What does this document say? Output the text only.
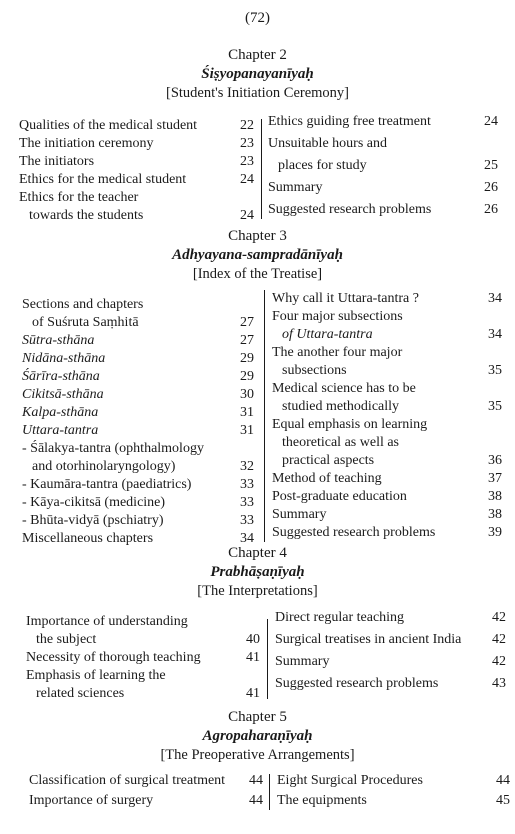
(72)
Chapter 2
Śiṣyopanayanīyaḥ
[Student's Initiation Ceremony]
Qualities of the medical student	22
The initiation ceremony	23
The initiators	23
Ethics for the medical student	24
Ethics for the teacher
towards the students	24
Ethics guiding free treatment	24
Unsuitable hours and
places for study	25
Summary	26
Suggested research problems	26
Chapter 3
Adhyayana-sampradānīyaḥ
[Index of the Treatise]
Sections and chapters
of Suśruta Saṃhitā	27
Sūtra-sthāna	27
Nidāna-sthāna	29
Śārīra-sthāna	29
Cikitsā-sthāna	30
Kalpa-sthāna	31
Uttara-tantra	31
- Śālakya-tantra (ophthalmology
and otorhinolaryngology)	32
- Kaumāra-tantra (paediatrics)	33
- Kāya-cikitsā (medicine)	33
- Bhūta-vidyā (pschiatry)	33
Miscellaneous chapters	34
Why call it Uttara-tantra ?	34
Four major subsections
of Uttara-tantra	34
The another four major
subsections	35
Medical science has to be
studied methodically	35
Equal emphasis on learning
theoretical as well as
practical aspects	36
Method of teaching	37
Post-graduate education	38
Summary	38
Suggested research problems	39
Chapter 4
Prabhāṣaṇīyaḥ
[The Interpretations]
Importance of understanding
the subject	40
Necessity of thorough teaching	41
Emphasis of learning the
related sciences	41
Direct regular teaching	42
Surgical treatises in ancient India	42
Summary	42
Suggested research problems	43
Chapter 5
Agropaharaṇīyaḥ
[The Preoperative Arrangements]
Classification of surgical treatment	44
Importance of surgery	44
Eight Surgical Procedures	44
The equipments	45
